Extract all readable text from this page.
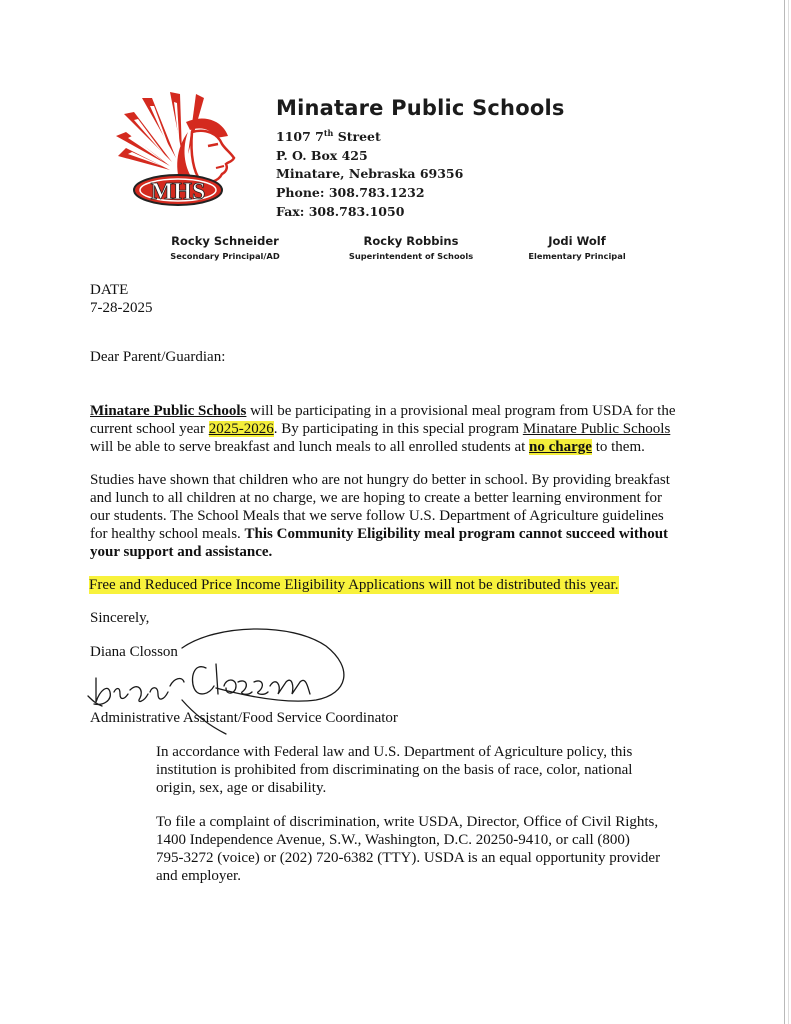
MHS
Minatare Public Schools
1107 7th Street
P. O. Box 425
Minatare, Nebraska 69356
Phone: 308.783.1232
Fax: 308.783.1050
Rocky Schneider
Secondary Principal/AD
Rocky Robbins
Superintendent of Schools
Jodi Wolf
Elementary Principal
DATE
7-28-2025
Dear Parent/Guardian:
Minatare Public Schools will be participating in a provisional meal program from USDA for the
current school year 2025-2026. By participating in this special program Minatare Public Schools
will be able to serve breakfast and lunch meals to all enrolled students at no charge to them.
Studies have shown that children who are not hungry do better in school. By providing breakfast
and lunch to all children at no charge, we are hoping to create a better learning environment for
our students. The School Meals that we serve follow U.S. Department of Agriculture guidelines
for healthy school meals. This Community Eligibility meal program cannot succeed without
your support and assistance.
Free and Reduced Price Income Eligibility Applications will not be distributed this year.
Sincerely,
Diana Closson
Administrative Assistant/Food Service Coordinator
In accordance with Federal law and U.S. Department of Agriculture policy, this
institution is prohibited from discriminating on the basis of race, color, national
origin, sex, age or disability.
To file a complaint of discrimination, write USDA, Director, Office of Civil Rights,
1400 Independence Avenue, S.W., Washington, D.C. 20250-9410, or call (800)
795-3272 (voice) or (202) 720-6382 (TTY). USDA is an equal opportunity provider
and employer.
